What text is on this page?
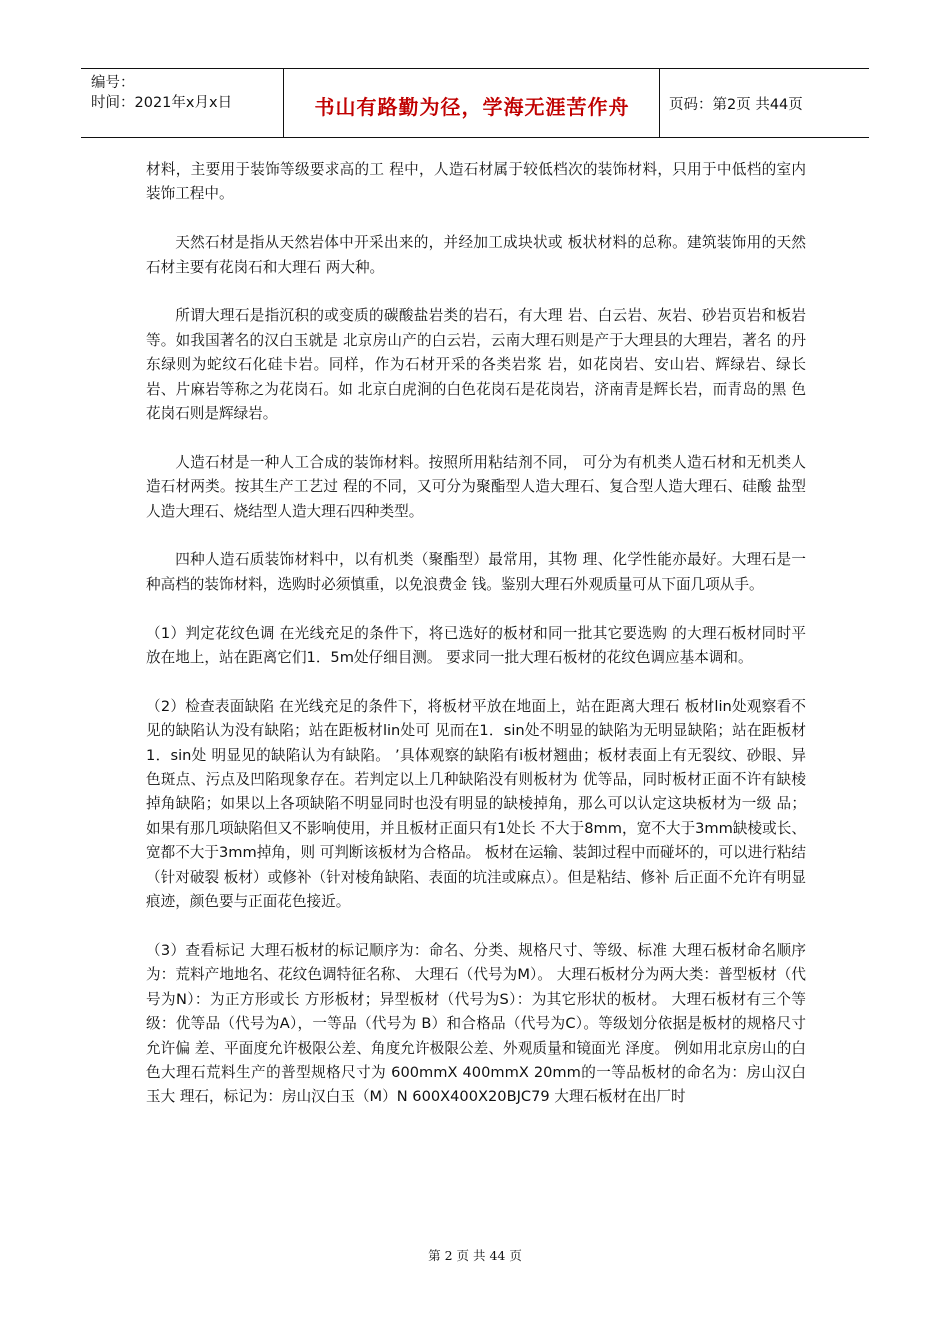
编号：
时间：2021年x月x日	书山有路勤为径，学海无涯苦作舟	页码：第2页 共44页

材料，主要用于装饰等级要求高的工 程中，人造石材属于较低档次的装饰材料，只用于中低档的室内 装饰工程中。

天然石材是指从天然岩体中开采出来的，并经加工成块状或 板状材料的总称。建筑装饰用的天然石材主要有花岗石和大理石 两大种。

所谓大理石是指沉积的或变质的碳酸盐岩类的岩石，有大理 岩、白云岩、灰岩、砂岩页岩和板岩等。如我国著名的汉白玉就是 北京房山产的白云岩，云南大理石则是产于大理县的大理岩，著名 的丹东绿则为蛇纹石化硅卡岩。同样，作为石材开采的各类岩浆 岩，如花岗岩、安山岩、辉绿岩、绿长岩、片麻岩等称之为花岗石。如 北京白虎涧的白色花岗石是花岗岩，济南青是辉长岩，而青岛的黑 色花岗石则是辉绿岩。

人造石材是一种人工合成的装饰材料。按照所用粘结剂不同， 可分为有机类人造石材和无机类人造石材两类。按其生产工艺过 程的不同，又可分为聚酯型人造大理石、复合型人造大理石、硅酸 盐型人造大理石、烧结型人造大理石四种类型。

四种人造石质装饰材料中，以有机类（聚酯型）最常用，其物 理、化学性能亦最好。大理石是一种高档的装饰材料，选购时必须慎重，以免浪费金 钱。鉴别大理石外观质量可从下面几项从手。

（1）判定花纹色调 在光线充足的条件下，将已选好的板材和同一批其它要选购 的大理石板材同时平放在地上，站在距离它们1．5m处仔细目测。 要求同一批大理石板材的花纹色调应基本调和。

（2）检查表面缺陷 在光线充足的条件下，将板材平放在地面上，站在距离大理石 板材lin处观察看不见的缺陷认为没有缺陷；站在距板材lin处可 见而在1．sin处不明显的缺陷为无明显缺陷；站在距板材1．sin处 明显见的缺陷认为有缺陷。 ’具体观察的缺陷有i板材翘曲；板材表面上有无裂纹、砂眼、异 色斑点、污点及凹陷现象存在。若判定以上几种缺陷没有则板材为 优等品，同时板材正面不许有缺棱掉角缺陷；如果以上各项缺陷不明显同时也没有明显的缺棱掉角，那么可以认定这块板材为一级 品；如果有那几项缺陷但又不影响使用，并且板材正面只有1处长 不大于8mm，宽不大于3mm缺棱或长、宽都不大于3mm掉角，则 可判断该板材为合格品。 板材在运输、装卸过程中而碰坏的，可以进行粘结（针对破裂 板材）或修补（针对棱角缺陷、表面的坑洼或麻点）。但是粘结、修补 后正面不允许有明显痕迹，颜色要与正面花色接近。

（3）查看标记 大理石板材的标记顺序为：命名、分类、规格尺寸、等级、标准 大理石板材命名顺序为：荒料产地地名、花纹色调特征名称、 大理石（代号为M）。 大理石板材分为两大类：普型板材（代号为N）：为正方形或长 方形板材；异型板材（代号为S）：为其它形状的板材。 大理石板材有三个等级：优等品（代号为A），一等品（代号为 B）和合格品（代号为C）。等级划分依据是板材的规格尺寸允许偏 差、平面度允许极限公差、角度允许极限公差、外观质量和镜面光 泽度。 例如用北京房山的白色大理石荒料生产的普型规格尺寸为 600mmX 400mmX 20mm的一等品板材的命名为：房山汉白玉大 理石，标记为：房山汉白玉（M）N 600X400X20BJC79 大理石板材在出厂时

第 2 页 共 44 页
